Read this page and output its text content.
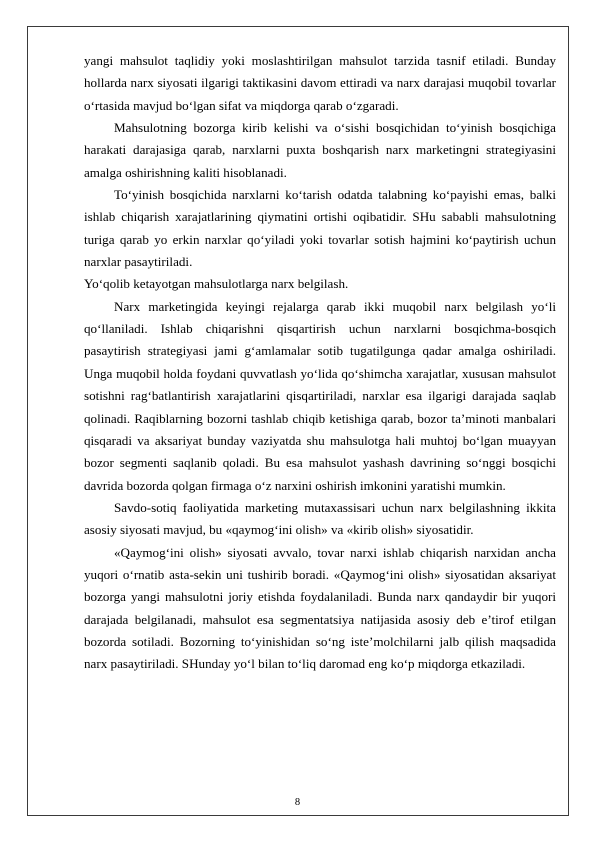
yangi mahsulot taqlidiy yoki moslashtirilgan mahsulot tarzida tasnif etiladi. Bunday hollarda narx siyosati ilgarigi taktikasini davom ettiradi va narx darajasi muqobil tovarlar o‘rtasida mavjud bo‘lgan sifat va miqdorga qarab o‘zgaradi.

Mahsulotning bozorga kirib kelishi va o‘sishi bosqichidan to‘yinish bosqichiga harakati darajasiga qarab, narxlarni puxta boshqarish narx marketingni strategiyasini amalga oshirishning kaliti hisoblanadi.

To‘yinish bosqichida narxlarni ko‘tarish odatda talabning ko‘payishi emas, balki ishlab chiqarish xarajatlarining qiymatini ortishi oqibatidir. SHu sababli mahsulotning turiga qarab yo erkin narxlar qo‘yiladi yoki tovarlar sotish hajmini ko‘paytirish uchun narxlar pasaytiriladi.

Yo‘qolib ketayotgan mahsulotlarga narx belgilash.

Narx marketingida keyingi rejalarga qarab ikki muqobil narx belgilash yo‘li qo‘llaniladi. Ishlab chiqarishni qisqartirish uchun narxlarni bosqichma-bosqich pasaytirish strategiyasi jami g‘amlamalar sotib tugatilgunga qadar amalga oshiriladi. Unga muqobil holda foydani quvvatlash yo‘lida qo‘shimcha xarajatlar, xususan mahsulot sotishni rag‘batlantirish xarajatlarini qisqartiriladi, narxlar esa ilgarigi darajada saqlab qolinadi. Raqiblarning bozorni tashlab chiqib ketishiga qarab, bozor ta’minoti manbalari qisqaradi va aksariyat bunday vaziyatda shu mahsulotga hali muhtoj bo‘lgan muayyan bozor segmenti saqlanib qoladi. Bu esa mahsulot yashash davrining so‘nggi bosqichi davrida bozorda qolgan firmaga o‘z narxini oshirish imkonini yaratishi mumkin.

Savdo-sotiq faoliyatida marketing mutaxassisari uchun narx belgilashning ikkita asosiy siyosati mavjud, bu «qaymog‘ini olish» va «kirib olish» siyosatidir.

«Qaymog‘ini olish» siyosati avvalo, tovar narxi ishlab chiqarish narxidan ancha yuqori o‘rnatib asta-sekin uni tushirib boradi. «Qaymog‘ini olish» siyosatidan aksariyat bozorga yangi mahsulotni joriy etishda foydalaniladi. Bunda narx qandaydir bir yuqori darajada belgilanadi, mahsulot esa segmentatsiya natijasida asosiy deb e’tirof etilgan bozorda sotiladi. Bozorning to‘yinishidan so‘ng iste’molchilarni jalb qilish maqsadida narx pasaytiriladi. SHunday yo‘l bilan to‘liq daromad eng ko‘p miqdorga etkaziladi.

8
